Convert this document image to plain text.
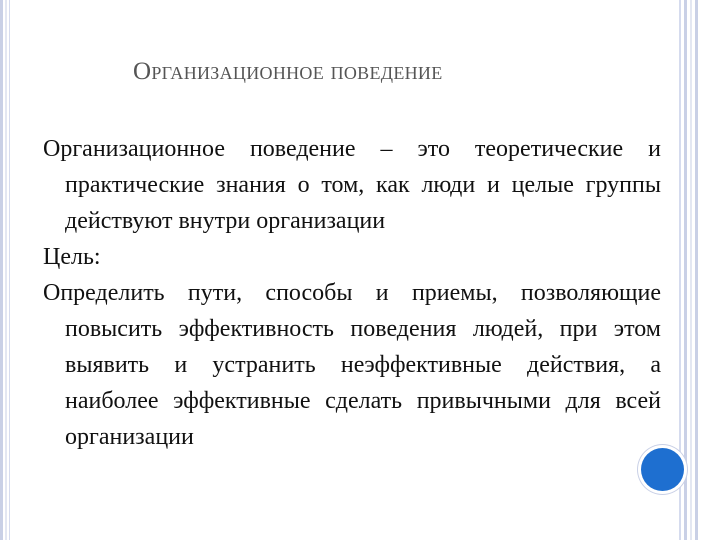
Организационное поведение

Организационное поведение – это теоретические и практические знания о том, как люди и целые группы действуют внутри организации

Цель:

Определить пути, способы и приемы, позволяющие повысить эффективность поведения людей, при этом выявить и устранить неэффективные действия, а наиболее эффективные сделать привычными для всей организации
